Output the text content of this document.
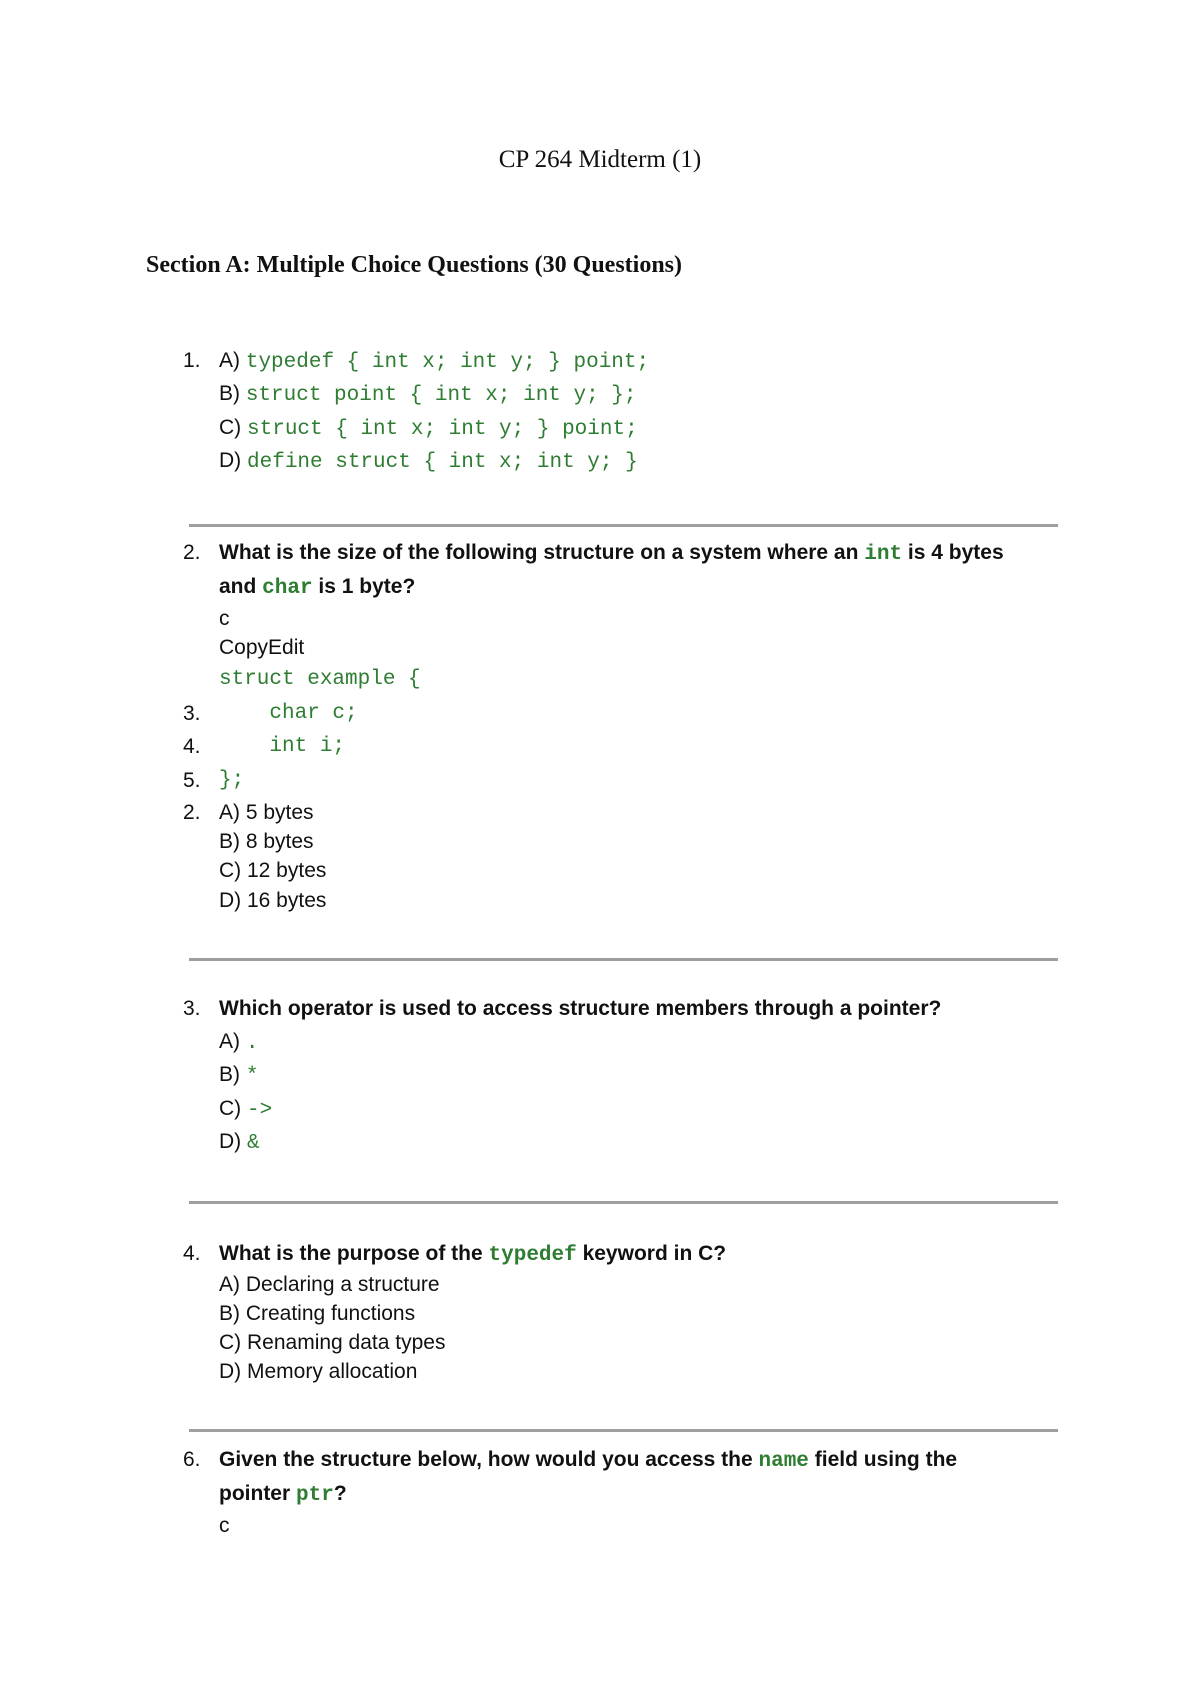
CP 264 Midterm (1)
Section A: Multiple Choice Questions (30 Questions)
1. A) typedef { int x; int y; } point;
B) struct point { int x; int y; };
C) struct { int x; int y; } point;
D) define struct { int x; int y; }
2. What is the size of the following structure on a system where an int is 4 bytes
and char is 1 byte?
c
CopyEdit
struct example {
3. char c;
4. int i;
5. };
2. A) 5 bytes
B) 8 bytes
C) 12 bytes
D) 16 bytes
3. Which operator is used to access structure members through a pointer?
A) .
B) *
C) ->
D) &
4. What is the purpose of the typedef keyword in C?
A) Declaring a structure
B) Creating functions
C) Renaming data types
D) Memory allocation
6. Given the structure below, how would you access the name field using the
pointer ptr?
c
